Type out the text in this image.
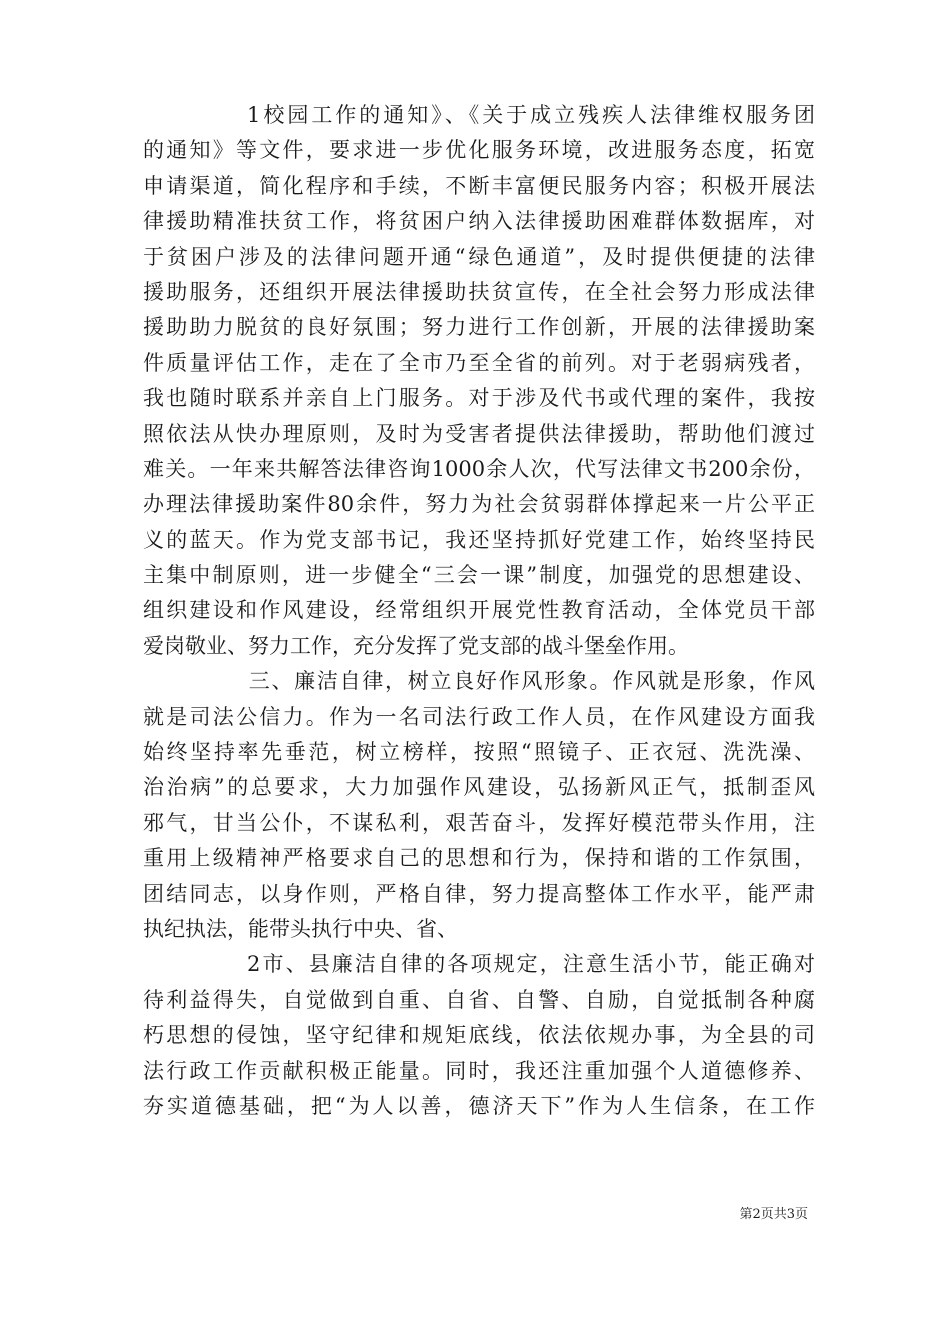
1校园工作的通知》、《关于成立残疾人法律维权服务团
的通知》等文件，要求进一步优化服务环境，改进服务态度，拓宽
申请渠道，简化程序和手续，不断丰富便民服务内容；积极开展法
律援助精准扶贫工作，将贫困户纳入法律援助困难群体数据库，对
于贫困户涉及的法律问题开通“绿色通道”，及时提供便捷的法律
援助服务，还组织开展法律援助扶贫宣传，在全社会努力形成法律
援助助力脱贫的良好氛围；努力进行工作创新，开展的法律援助案
件质量评估工作，走在了全市乃至全省的前列。对于老弱病残者，
我也随时联系并亲自上门服务。对于涉及代书或代理的案件，我按
照依法从快办理原则，及时为受害者提供法律援助，帮助他们渡过
难关。一年来共解答法律咨询1000余人次，代写法律文书200余份，
办理法律援助案件80余件，努力为社会贫弱群体撑起来一片公平正
义的蓝天。作为党支部书记，我还坚持抓好党建工作，始终坚持民
主集中制原则，进一步健全“三会一课”制度，加强党的思想建设、
组织建设和作风建设，经常组织开展党性教育活动，全体党员干部
爱岗敬业、努力工作，充分发挥了党支部的战斗堡垒作用。
三、廉洁自律，树立良好作风形象。作风就是形象，作风
就是司法公信力。作为一名司法行政工作人员，在作风建设方面我
始终坚持率先垂范，树立榜样，按照“照镜子、正衣冠、洗洗澡、
治治病”的总要求，大力加强作风建设，弘扬新风正气，抵制歪风
邪气，甘当公仆，不谋私利，艰苦奋斗，发挥好模范带头作用，注
重用上级精神严格要求自己的思想和行为，保持和谐的工作氛围，
团结同志，以身作则，严格自律，努力提高整体工作水平，能严肃
执纪执法，能带头执行中央、省、
2市、县廉洁自律的各项规定，注意生活小节，能正确对
待利益得失，自觉做到自重、自省、自警、自励，自觉抵制各种腐
朽思想的侵蚀，坚守纪律和规矩底线，依法依规办事，为全县的司
法行政工作贡献积极正能量。同时，我还注重加强个人道德修养、
夯实道德基础，把“为人以善，德济天下”作为人生信条，在工作
第2页共3页
